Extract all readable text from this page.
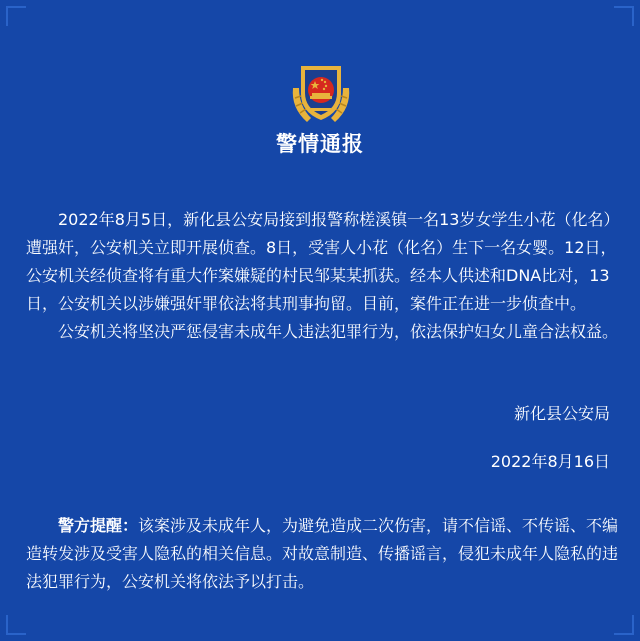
警情通报

2022年8月5日，新化县公安局接到报警称槎溪镇一名13岁女学生小花（化名）遭强奸，公安机关立即开展侦查。8日，受害人小花（化名）生下一名女婴。12日，公安机关经侦查将有重大作案嫌疑的村民邹某某抓获。经本人供述和DNA比对，13日，公安机关以涉嫌强奸罪依法将其刑事拘留。目前，案件正在进一步侦查中。

公安机关将坚决严惩侵害未成年人违法犯罪行为，依法保护妇女儿童合法权益。

新化县公安局
2022年8月16日

警方提醒：该案涉及未成年人，为避免造成二次伤害，请不信谣、不传谣、不编造转发涉及受害人隐私的相关信息。对故意制造、传播谣言，侵犯未成年人隐私的违法犯罪行为，公安机关将依法予以打击。
